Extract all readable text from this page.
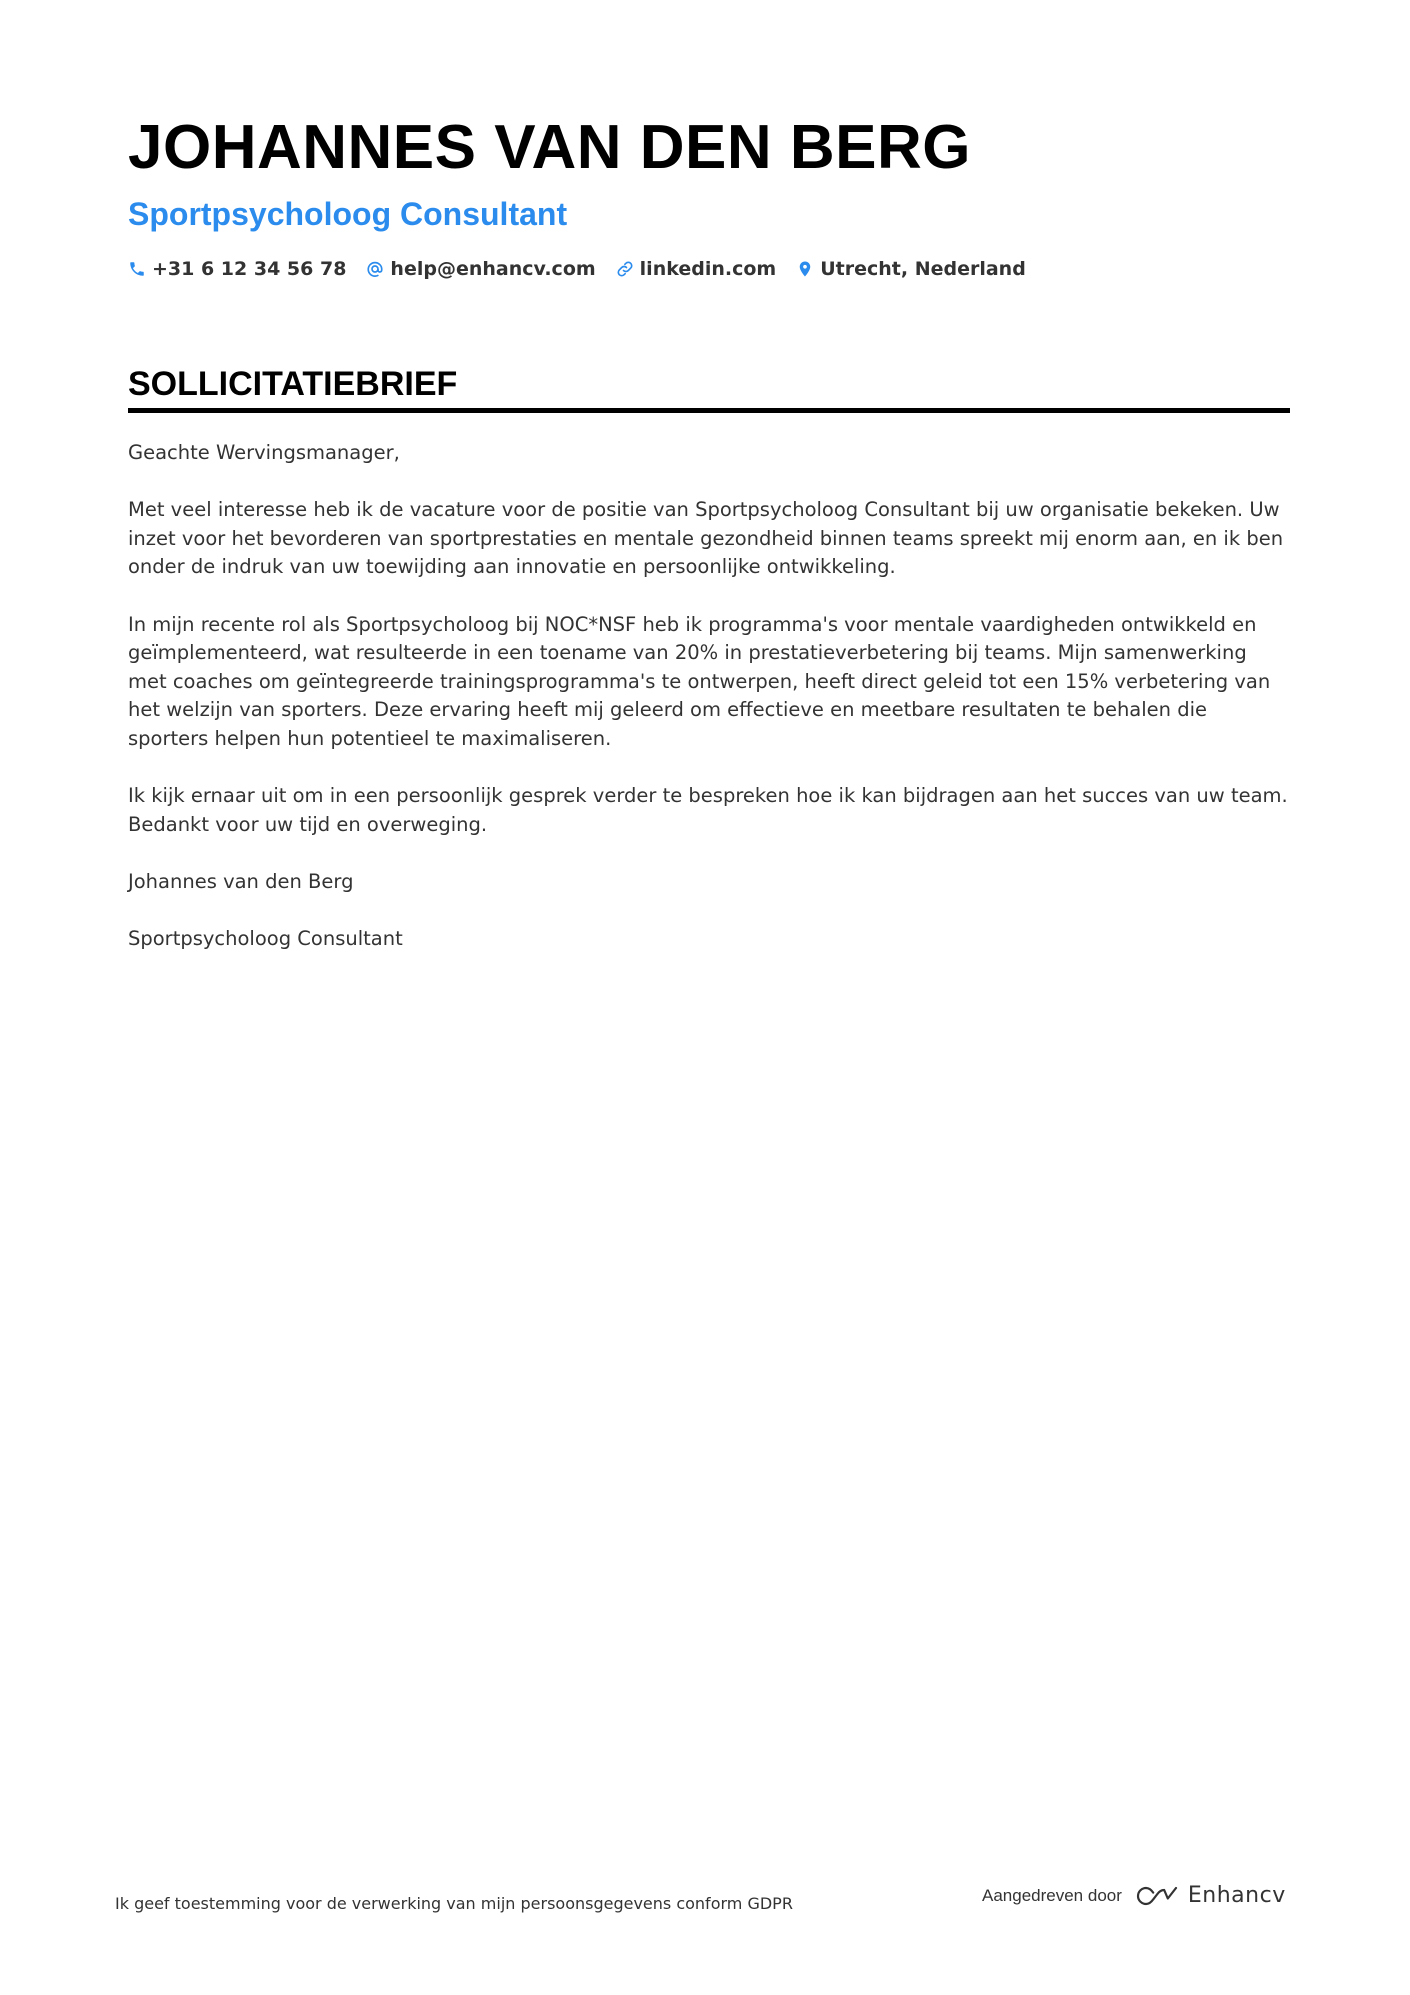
JOHANNES VAN DEN BERG
Sportpsycholoog Consultant
+31 6 12 34 56 78 help@enhancv.com linkedin.com Utrecht, Nederland
SOLLICITATIEBRIEF

Geachte Wervingsmanager,

Met veel interesse heb ik de vacature voor de positie van Sportpsycholoog Consultant bij uw organisatie bekeken. Uw inzet voor het bevorderen van sportprestaties en mentale gezondheid binnen teams spreekt mij enorm aan, en ik ben onder de indruk van uw toewijding aan innovatie en persoonlijke ontwikkeling.

In mijn recente rol als Sportpsycholoog bij NOC*NSF heb ik programma's voor mentale vaardigheden ontwikkeld en geïmplementeerd, wat resulteerde in een toename van 20% in prestatieverbetering bij teams. Mijn samenwerking met coaches om geïntegreerde trainingsprogramma's te ontwerpen, heeft direct geleid tot een 15% verbetering van het welzijn van sporters. Deze ervaring heeft mij geleerd om effectieve en meetbare resultaten te behalen die sporters helpen hun potentieel te maximaliseren.

Ik kijk ernaar uit om in een persoonlijk gesprek verder te bespreken hoe ik kan bijdragen aan het succes van uw team. Bedankt voor uw tijd en overweging.

Johannes van den Berg

Sportpsycholoog Consultant

Ik geef toestemming voor de verwerking van mijn persoonsgegevens conform GDPR	Aangedreven door	Enhancv
